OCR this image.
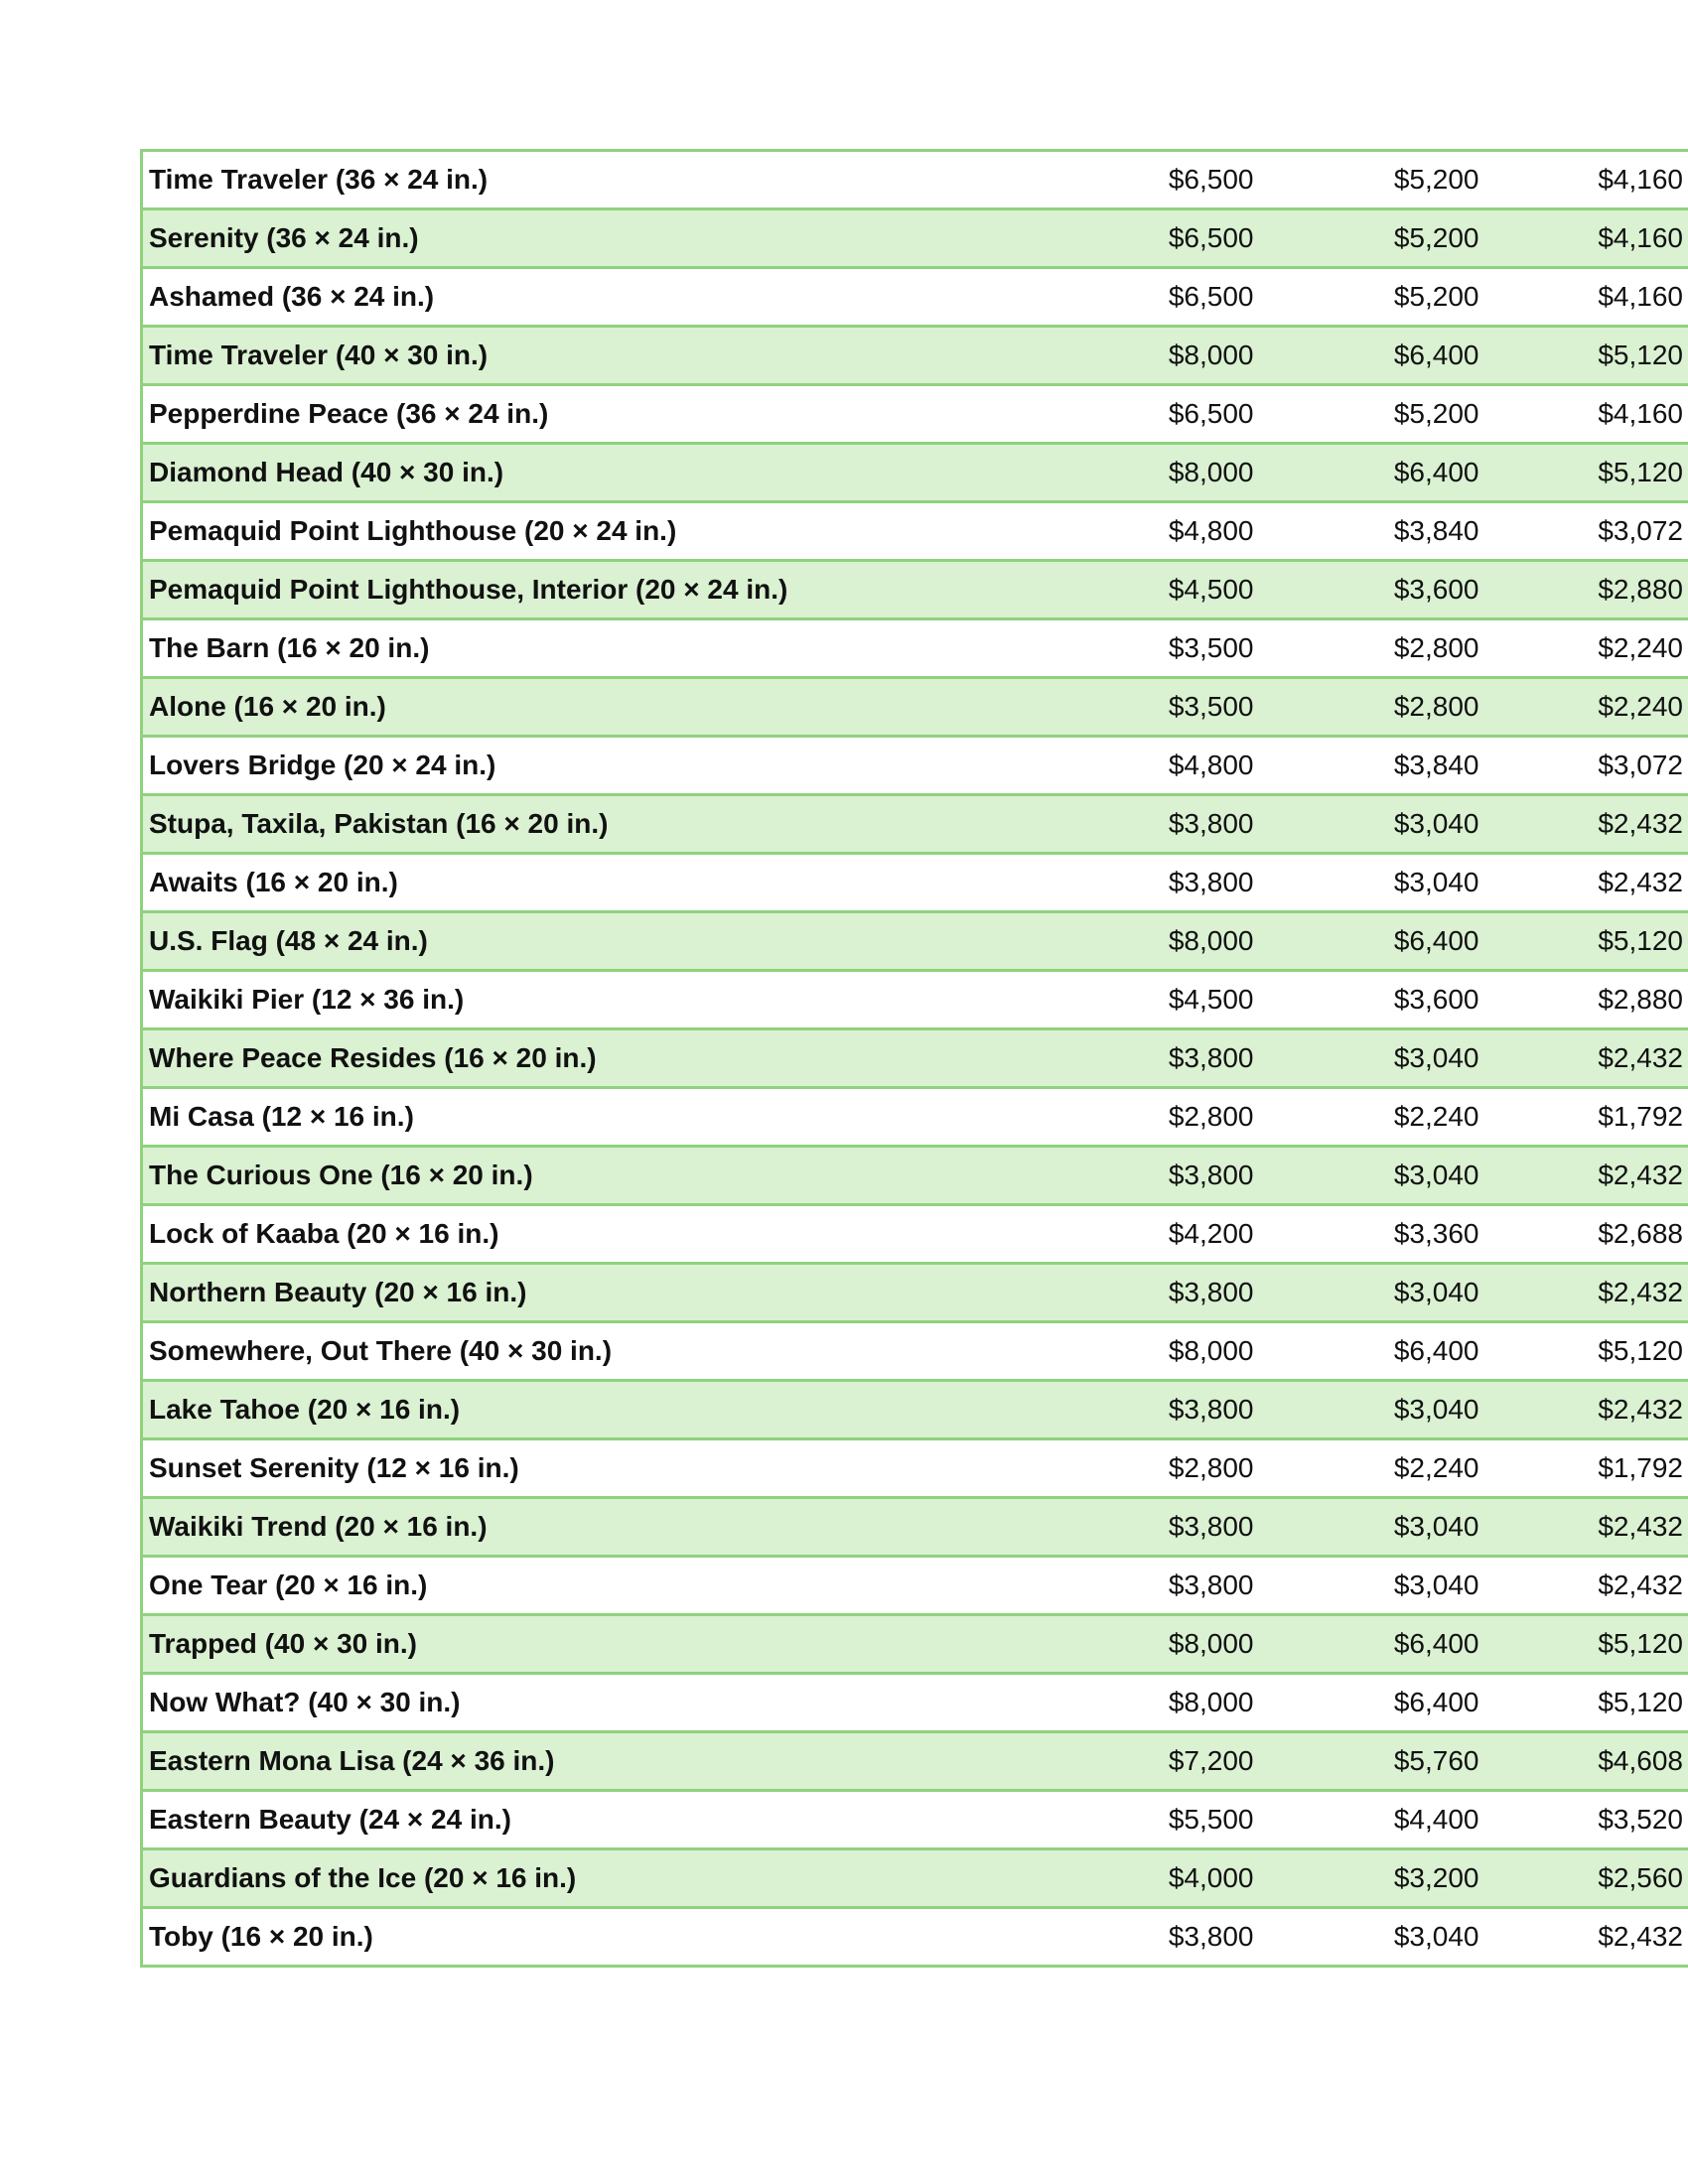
Time Traveler (36 × 24 in.)	$6,500	$5,200	$4,160
Serenity (36 × 24 in.)	$6,500	$5,200	$4,160
Ashamed (36 × 24 in.)	$6,500	$5,200	$4,160
Time Traveler (40 × 30 in.)	$8,000	$6,400	$5,120
Pepperdine Peace (36 × 24 in.)	$6,500	$5,200	$4,160
Diamond Head (40 × 30 in.)	$8,000	$6,400	$5,120
Pemaquid Point Lighthouse (20 × 24 in.)	$4,800	$3,840	$3,072
Pemaquid Point Lighthouse, Interior (20 × 24 in.)	$4,500	$3,600	$2,880
The Barn (16 × 20 in.)	$3,500	$2,800	$2,240
Alone (16 × 20 in.)	$3,500	$2,800	$2,240
Lovers Bridge (20 × 24 in.)	$4,800	$3,840	$3,072
Stupa, Taxila, Pakistan (16 × 20 in.)	$3,800	$3,040	$2,432
Awaits (16 × 20 in.)	$3,800	$3,040	$2,432
U.S. Flag (48 × 24 in.)	$8,000	$6,400	$5,120
Waikiki Pier (12 × 36 in.)	$4,500	$3,600	$2,880
Where Peace Resides (16 × 20 in.)	$3,800	$3,040	$2,432
Mi Casa (12 × 16 in.)	$2,800	$2,240	$1,792
The Curious One (16 × 20 in.)	$3,800	$3,040	$2,432
Lock of Kaaba (20 × 16 in.)	$4,200	$3,360	$2,688
Northern Beauty (20 × 16 in.)	$3,800	$3,040	$2,432
Somewhere, Out There (40 × 30 in.)	$8,000	$6,400	$5,120
Lake Tahoe (20 × 16 in.)	$3,800	$3,040	$2,432
Sunset Serenity (12 × 16 in.)	$2,800	$2,240	$1,792
Waikiki Trend (20 × 16 in.)	$3,800	$3,040	$2,432
One Tear (20 × 16 in.)	$3,800	$3,040	$2,432
Trapped (40 × 30 in.)	$8,000	$6,400	$5,120
Now What? (40 × 30 in.)	$8,000	$6,400	$5,120
Eastern Mona Lisa (24 × 36 in.)	$7,200	$5,760	$4,608
Eastern Beauty (24 × 24 in.)	$5,500	$4,400	$3,520
Guardians of the Ice (20 × 16 in.)	$4,000	$3,200	$2,560
Toby (16 × 20 in.)	$3,800	$3,040	$2,432
